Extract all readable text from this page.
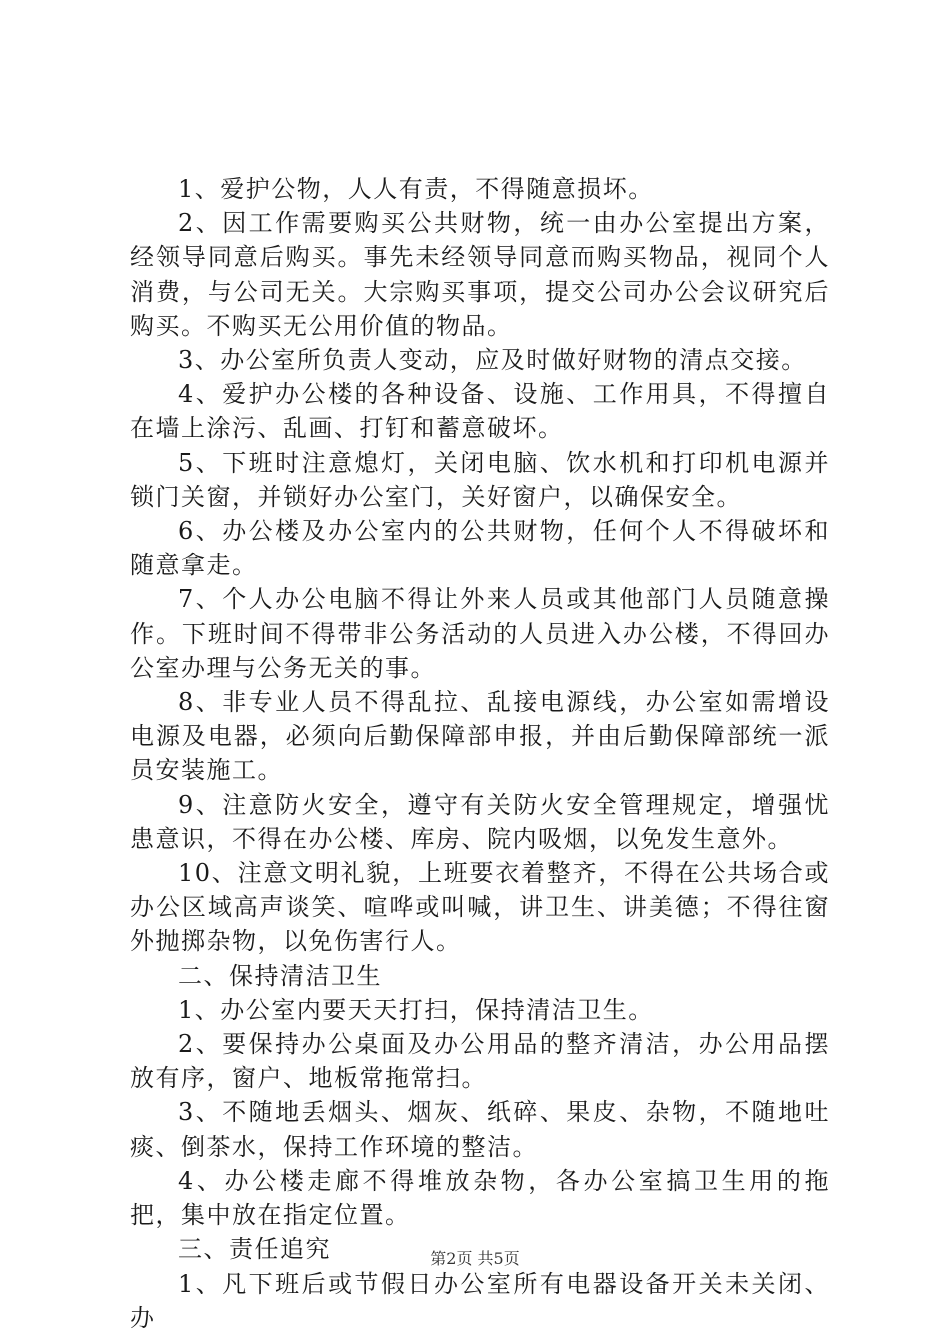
1、爱护公物，人人有责，不得随意损坏。

2、因工作需要购买公共财物，统一由办公室提出方案，经领导同意后购买。事先未经领导同意而购买物品，视同个人消费，与公司无关。大宗购买事项，提交公司办公会议研究后购买。不购买无公用价值的物品。

3、办公室所负责人变动，应及时做好财物的清点交接。

4、爱护办公楼的各种设备、设施、工作用具，不得擅自在墙上涂污、乱画、打钉和蓄意破坏。

5、下班时注意熄灯，关闭电脑、饮水机和打印机电源并锁门关窗，并锁好办公室门，关好窗户，以确保安全。

6、办公楼及办公室内的公共财物，任何个人不得破坏和随意拿走。

7、个人办公电脑不得让外来人员或其他部门人员随意操作。下班时间不得带非公务活动的人员进入办公楼，不得回办公室办理与公务无关的事。

8、非专业人员不得乱拉、乱接电源线，办公室如需增设电源及电器，必须向后勤保障部申报，并由后勤保障部统一派员安装施工。

9、注意防火安全，遵守有关防火安全管理规定，增强忧患意识，不得在办公楼、库房、院内吸烟，以免发生意外。

10、注意文明礼貌，上班要衣着整齐，不得在公共场合或办公区域高声谈笑、喧哗或叫喊，讲卫生、讲美德；不得往窗外抛掷杂物，以免伤害行人。

二、保持清洁卫生

1、办公室内要天天打扫，保持清洁卫生。

2、要保持办公桌面及办公用品的整齐清洁，办公用品摆放有序，窗户、地板常拖常扫。

3、不随地丢烟头、烟灰、纸碎、果皮、杂物，不随地吐痰、倒茶水，保持工作环境的整洁。

4、办公楼走廊不得堆放杂物，各办公室搞卫生用的拖把，集中放在指定位置。

三、责任追究

1、凡下班后或节假日办公室所有电器设备开关未关闭、办

第2页 共5页
